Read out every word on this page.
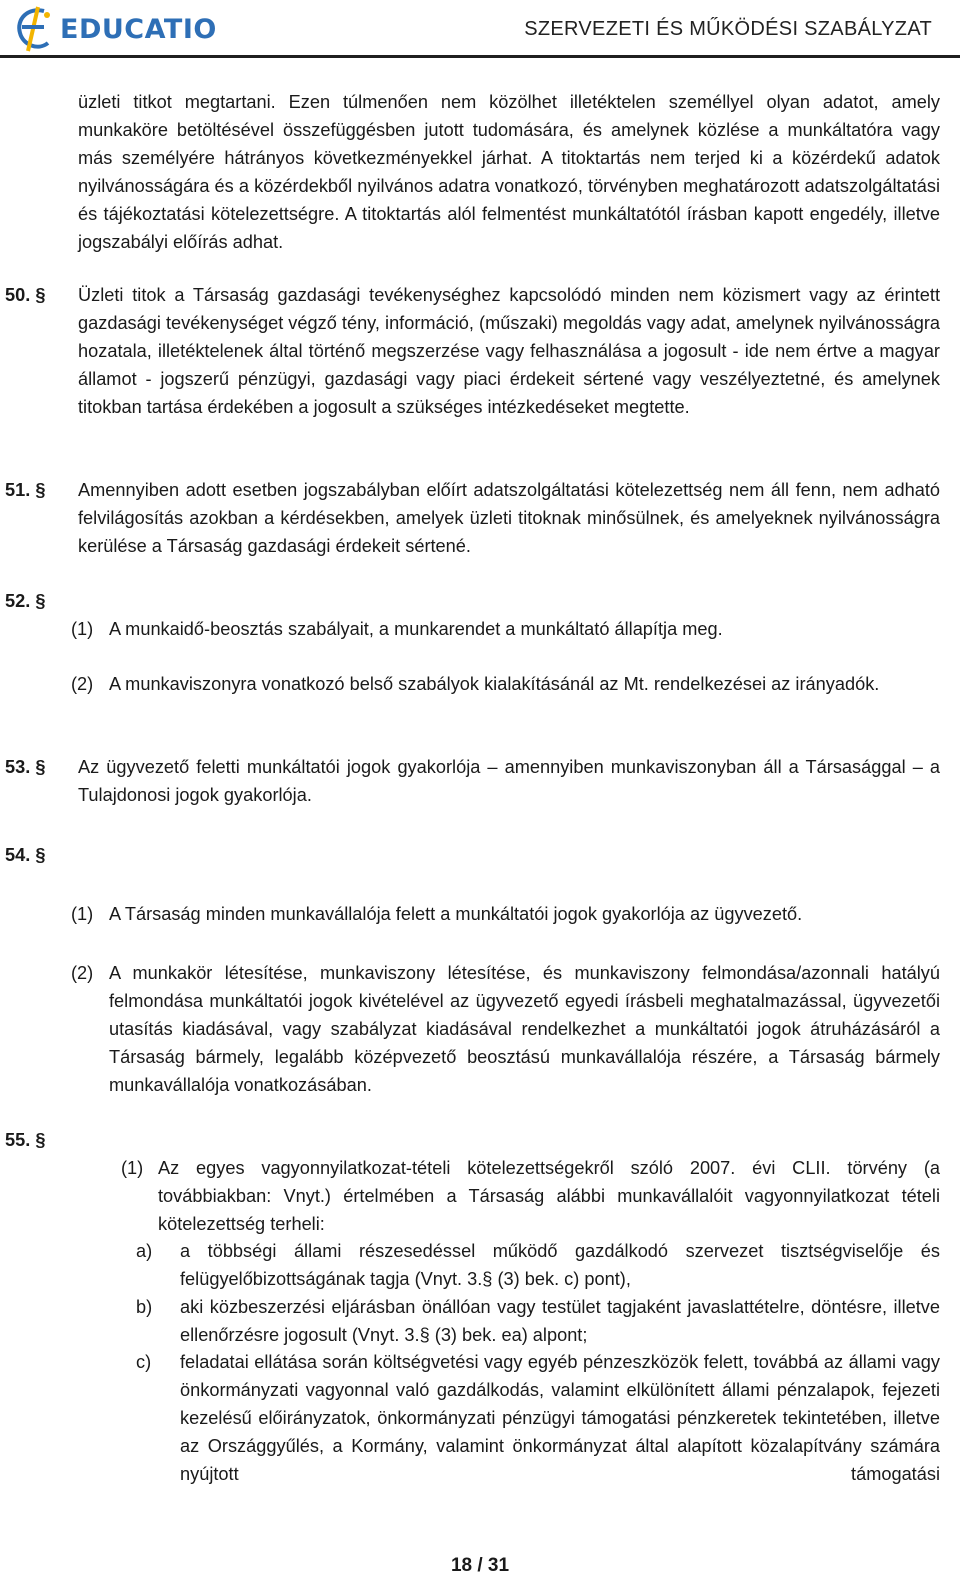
EDUCATIO	SZERVEZETI ÉS MŰKÖDÉSI SZABÁLYZAT

üzleti titkot megtartani. Ezen túlmenően nem közölhet illetéktelen személlyel olyan adatot, amely munkaköre betöltésével összefüggésben jutott tudomására, és amelynek közlése a munkáltatóra vagy más személyére hátrányos következményekkel járhat. A titoktartás nem terjed ki a közérdekű adatok nyilvánosságára és a közérdekből nyilvános adatra vonatkozó, törvényben meghatározott adatszolgáltatási és tájékoztatási kötelezettségre. A titoktartás alól felmentést munkáltatótól írásban kapott engedély, illetve jogszabályi előírás adhat.

50. § Üzleti titok a Társaság gazdasági tevékenységhez kapcsolódó minden nem közismert vagy az érintett gazdasági tevékenységet végző tény, információ, (műszaki) megoldás vagy adat, amelynek nyilvánosságra hozatala, illetéktelenek által történő megszerzése vagy felhasználása a jogosult - ide nem értve a magyar államot - jogszerű pénzügyi, gazdasági vagy piaci érdekeit sértené vagy veszélyeztetné, és amelynek titokban tartása érdekében a jogosult a szükséges intézkedéseket megtette.

51. § Amennyiben adott esetben jogszabályban előírt adatszolgáltatási kötelezettség nem áll fenn, nem adható felvilágosítás azokban a kérdésekben, amelyek üzleti titoknak minősülnek, és amelyeknek nyilvánosságra kerülése a Társaság gazdasági érdekeit sértené.

52. §
(1) A munkaidő-beosztás szabályait, a munkarendet a munkáltató állapítja meg.

(2) A munkaviszonyra vonatkozó belső szabályok kialakításánál az Mt. rendelkezései az irányadók.

53. § Az ügyvezető feletti munkáltatói jogok gyakorlója – amennyiben munkaviszonyban áll a Társasággal – a Tulajdonosi jogok gyakorlója.

54. §
(1) A Társaság minden munkavállalója felett a munkáltatói jogok gyakorlója az ügyvezető.

(2) A munkakör létesítése, munkaviszony létesítése, és munkaviszony felmondása/azonnali hatályú felmondása munkáltatói jogok kivételével az ügyvezető egyedi írásbeli meghatalmazással, ügyvezetői utasítás kiadásával, vagy szabályzat kiadásával rendelkezhet a munkáltatói jogok átruházásáról a Társaság bármely, legalább középvezető beosztású munkavállalója részére, a Társaság bármely munkavállalója vonatkozásában.

55. §
(1) Az egyes vagyonnyilatkozat-tételi kötelezettségekről szóló 2007. évi CLII. törvény (a továbbiakban: Vnyt.) értelmében a Társaság alábbi munkavállalóit vagyonnyilatkozat tételi kötelezettség terheli:

a) a többségi állami részesedéssel működő gazdálkodó szervezet tisztségviselője és felügyelőbizottságának tagja (Vnyt. 3.§ (3) bek. c) pont),

b) aki közbeszerzési eljárásban önállóan vagy testület tagjaként javaslattételre, döntésre, illetve ellenőrzésre jogosult (Vnyt. 3.§ (3) bek. ea) alpont;

c) feladatai ellátása során költségvetési vagy egyéb pénzeszközök felett, továbbá az állami vagy önkormányzati vagyonnal való gazdálkodás, valamint elkülönített állami pénzalapok, fejezeti kezelésű előirányzatok, önkormányzati pénzügyi támogatási pénzkeretek tekintetében, illetve az Országgyűlés, a Kormány, valamint önkormányzat által alapított közalapítvány számára nyújtott támogatási

18 / 31
